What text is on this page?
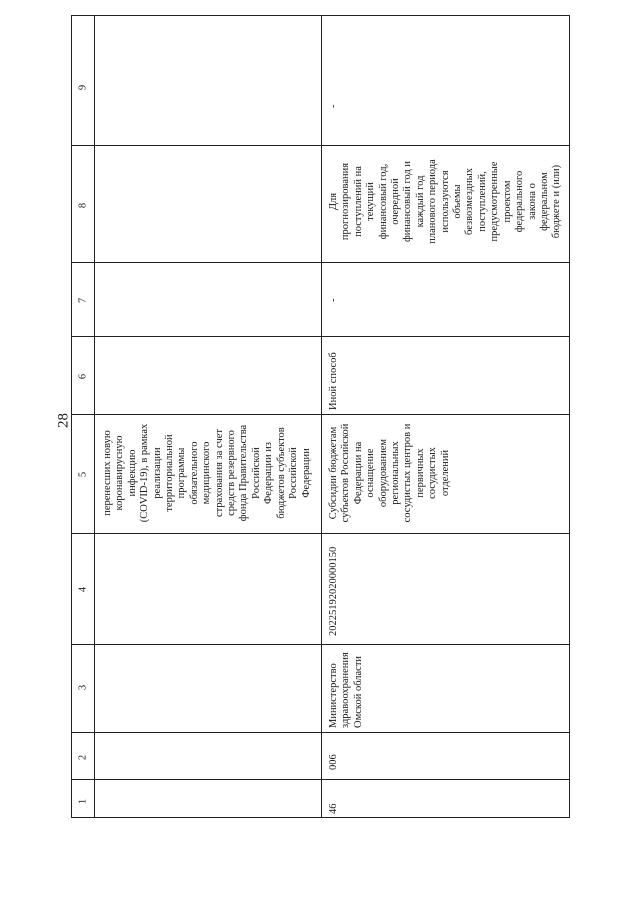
28
1
2
3
4
5
6
7
8
9
перенесших новую
коронавирусную
инфекцию
(COVID-19), в рамках
реализации
территориальной
программы
обязательного
медицинского
страхования за счет
средств резервного
фонда Правительства
Российской
Федерации из
бюджетов субъектов
Российской
Федерации
46
006
Министерство
здравоохранения
Омской области
20225192020000150
Субсидии бюджетам
субъектов Российской
Федерации на
оснащение
оборудованием
региональных
сосудистых центров и
первичных
сосудистых
отделений
Иной способ
-
Для
прогнозирования
поступлений на
текущий
финансовый год,
очередной
финансовый год и
каждый год
планового периода
используются
объемы
безвозмездных
поступлений,
предусмотренные
проектом
федерального
закона о
федеральном
бюджете и (или)
-
